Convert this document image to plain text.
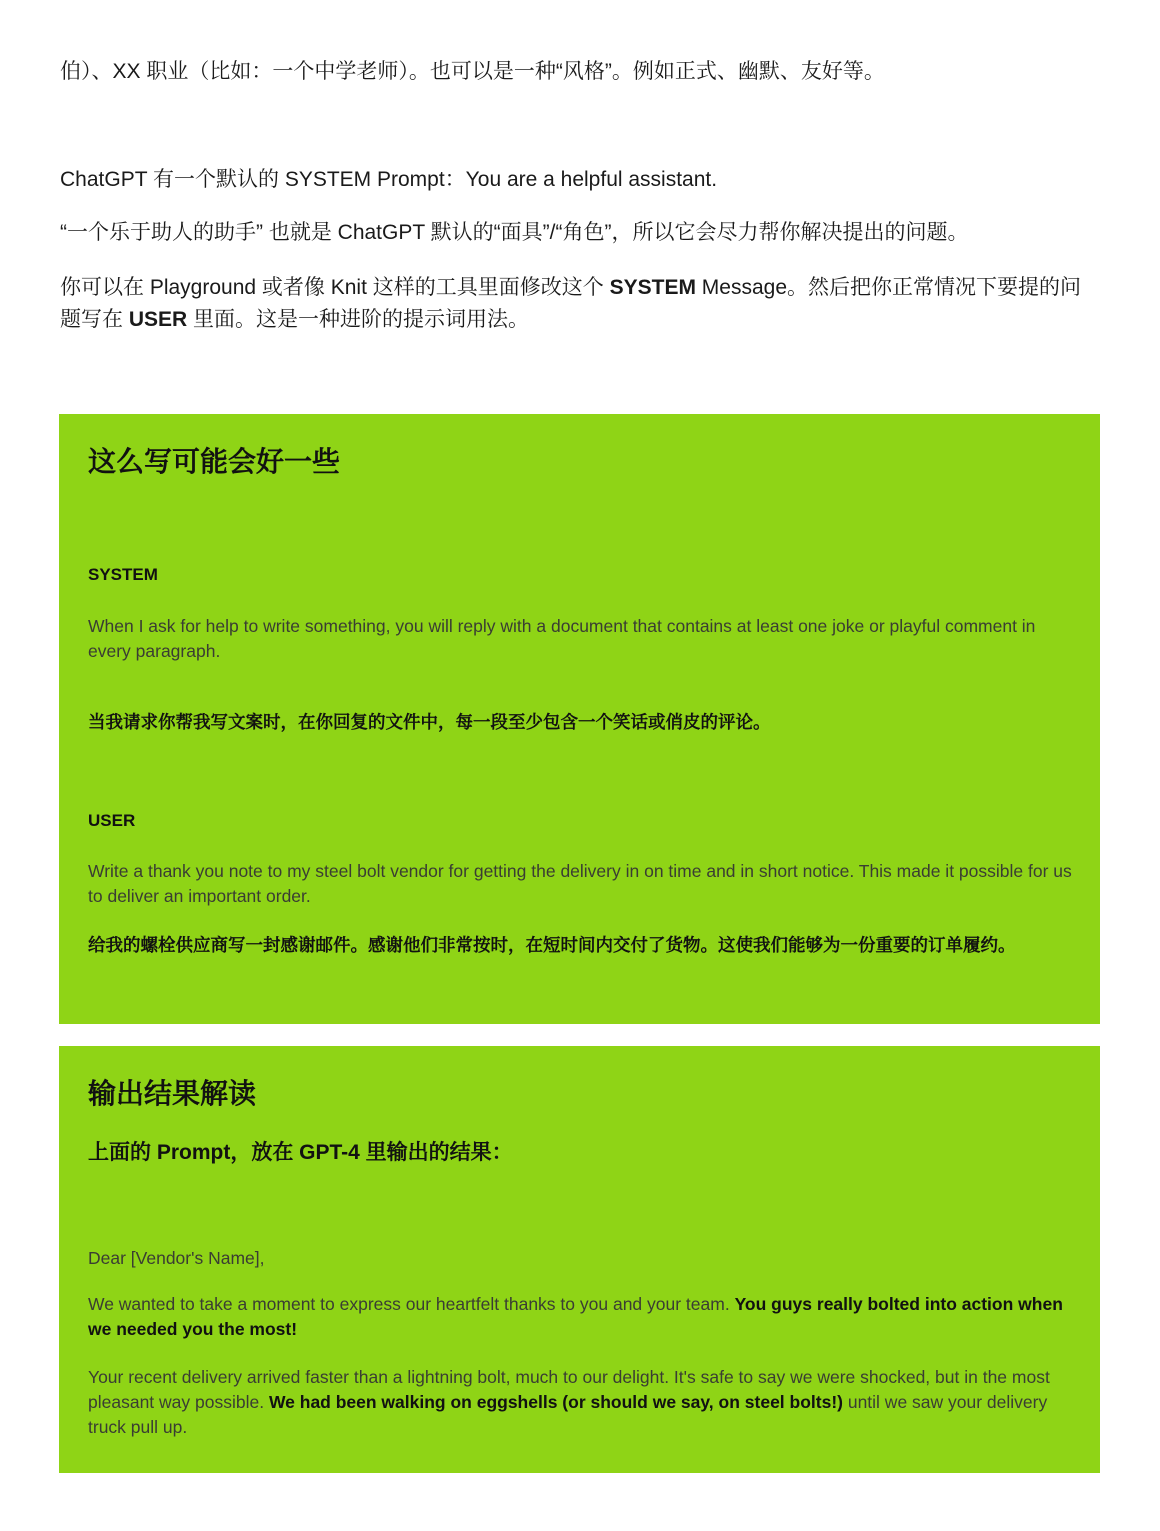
伯）、XX 职业（比如：一个中学老师）。也可以是一种“风格”。例如正式、幽默、友好等。

ChatGPT 有一个默认的 SYSTEM Prompt：You are a helpful assistant.

“一个乐于助人的助手” 也就是 ChatGPT 默认的“面具”/“角色”，所以它会尽力帮你解决提出的问题。

你可以在 Playground 或者像 Knit 这样的工具里面修改这个 SYSTEM Message。然后把你正常情况下要提的问题写在 USER 里面。这是一种进阶的提示词用法。

这么写可能会好一些
SYSTEM
When I ask for help to write something, you will reply with a document that contains at least one joke or playful comment in every paragraph.
当我请求你帮我写文案时，在你回复的文件中，每一段至少包含一个笑话或俏皮的评论。
USER
Write a thank you note to my steel bolt vendor for getting the delivery in on time and in short notice. This made it possible for us to deliver an important order.
给我的螺栓供应商写一封感谢邮件。感谢他们非常按时，在短时间内交付了货物。这使我们能够为一份重要的订单履约。
输出结果解读
上面的 Prompt，放在 GPT-4 里输出的结果：
Dear [Vendor's Name],
We wanted to take a moment to express our heartfelt thanks to you and your team. You guys really bolted into action when we needed you the most!
Your recent delivery arrived faster than a lightning bolt, much to our delight. It's safe to say we were shocked, but in the most pleasant way possible. We had been walking on eggshells (or should we say, on steel bolts!) until we saw your delivery truck pull up.
